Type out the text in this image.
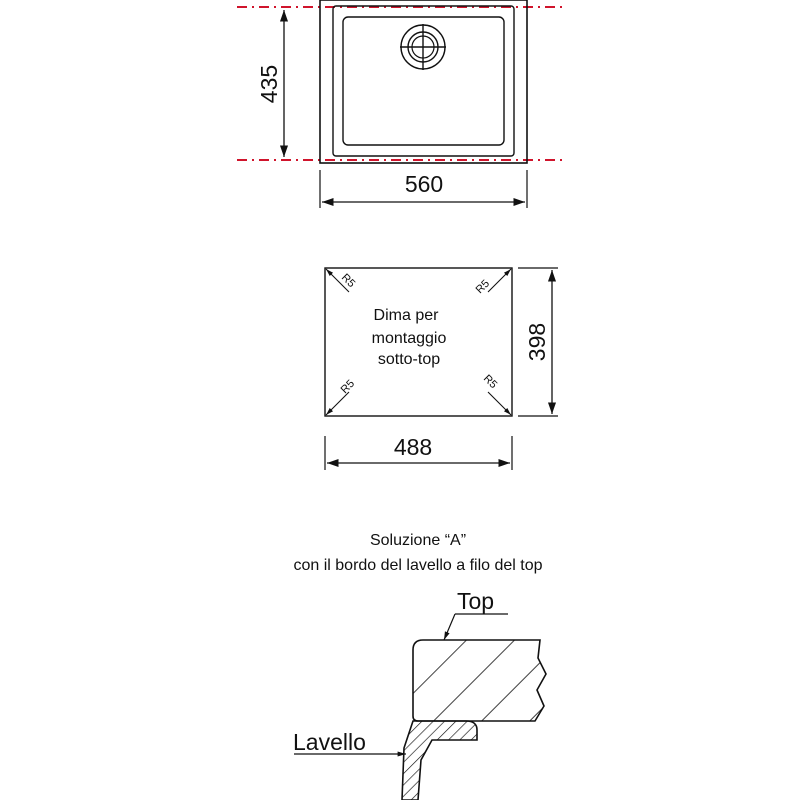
435
560
R5	R5
R5	R5
Dima per
montaggio
sotto-top	398
488
Soluzione “A”
con il bordo del lavello a filo del top
Top
Lavello
